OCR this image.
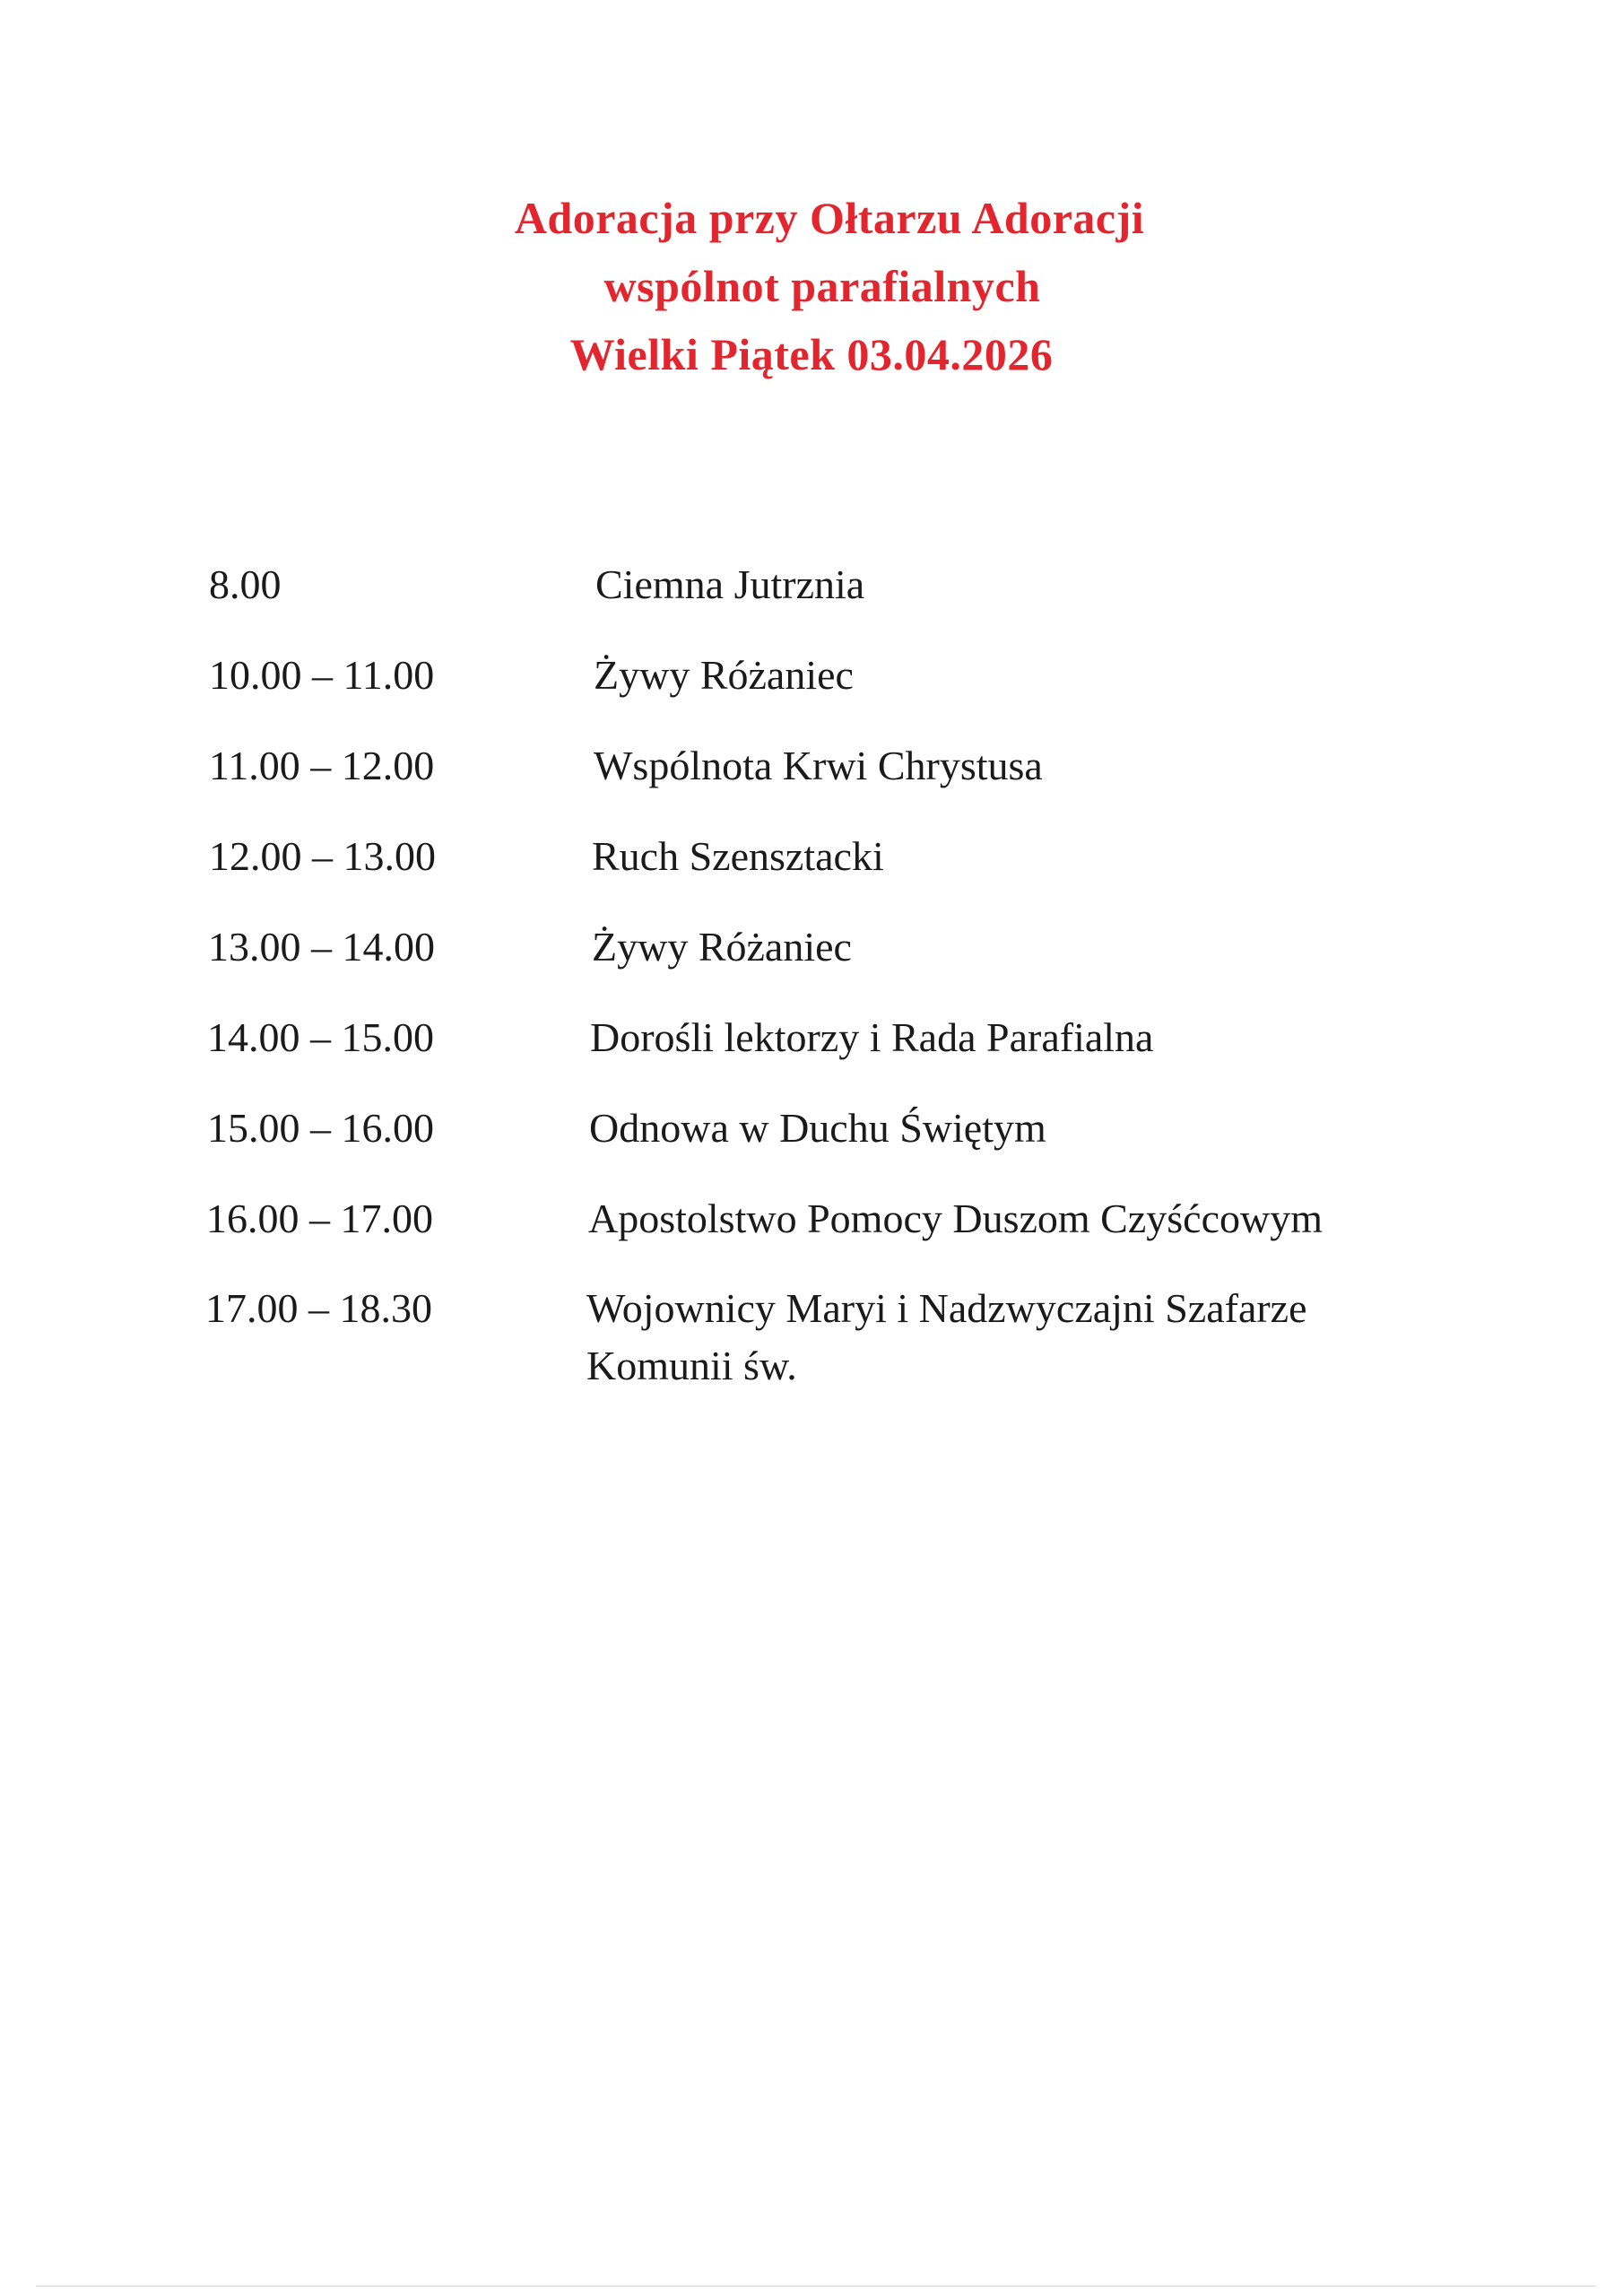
Adoracja przy Ołtarzu Adoracji
wspólnot parafialnych
Wielki Piątek 03.04.2026
8.00	Ciemna Jutrznia
10.00 – 11.00	Żywy Różaniec
11.00 – 12.00	Wspólnota Krwi Chrystusa
12.00 – 13.00	Ruch Szensztacki
13.00 – 14.00	Żywy Różaniec
14.00 – 15.00	Dorośli lektorzy i Rada Parafialna
15.00 – 16.00	Odnowa w Duchu Świętym
16.00 – 17.00	Apostolstwo Pomocy Duszom Czyśćcowym
17.00 – 18.30	Wojownicy Maryi i Nadzwyczajni Szafarze
Komunii św.
